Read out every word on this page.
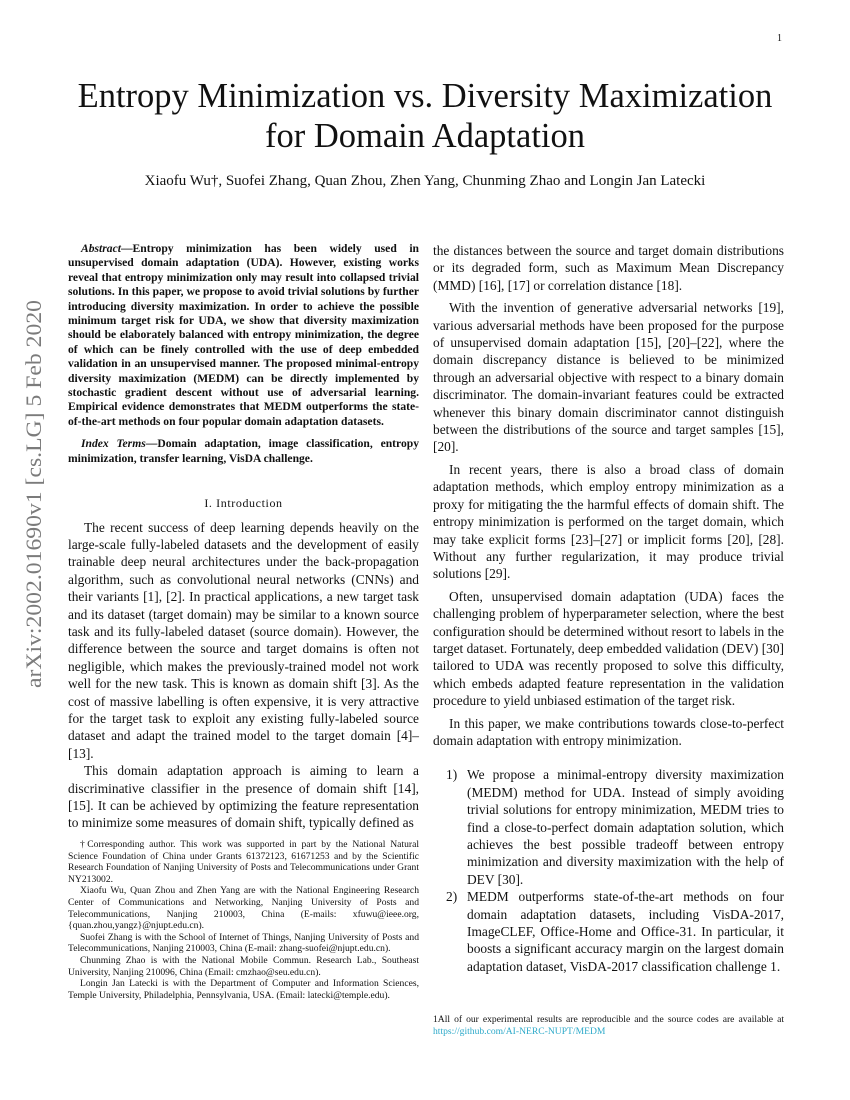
1
arXiv:2002.01690v1 [cs.LG] 5 Feb 2020
Entropy Minimization vs. Diversity Maximization
for Domain Adaptation
Xiaofu Wu†, Suofei Zhang, Quan Zhou, Zhen Yang, Chunming Zhao and Longin Jan Latecki

Abstract—Entropy minimization has been widely used in unsupervised domain adaptation (UDA). However, existing works reveal that entropy minimization only may result into collapsed trivial solutions. In this paper, we propose to avoid trivial solutions by further introducing diversity maximization. In order to achieve the possible minimum target risk for UDA, we show that diversity maximization should be elaborately balanced with entropy minimization, the degree of which can be finely controlled with the use of deep embedded validation in an unsupervised manner. The proposed minimal-entropy diversity maximization (MEDM) can be directly implemented by stochastic gradient descent without use of adversarial learning. Empirical evidence demonstrates that MEDM outperforms the state-of-the-art methods on four popular domain adaptation datasets.

Index Terms—Domain adaptation, image classification, entropy minimization, transfer learning, VisDA challenge.

I. Introduction

The recent success of deep learning depends heavily on the large-scale fully-labeled datasets and the development of easily trainable deep neural architectures under the back-propagation algorithm, such as convolutional neural networks (CNNs) and their variants [1], [2]. In practical applications, a new target task and its dataset (target domain) may be similar to a known source task and its fully-labeled dataset (source domain). However, the difference between the source and target domains is often not negligible, which makes the previously-trained model not work well for the new task. This is known as domain shift [3]. As the cost of massive labelling is often expensive, it is very attractive for the target task to exploit any existing fully-labeled source dataset and adapt the trained model to the target domain [4]–[13].

This domain adaptation approach is aiming to learn a discriminative classifier in the presence of domain shift [14], [15]. It can be achieved by optimizing the feature representation to minimize some measures of domain shift, typically defined as

†Corresponding author. This work was supported in part by the National Natural Science Foundation of China under Grants 61372123, 61671253 and by the Scientific Research Foundation of Nanjing University of Posts and Telecommunications under Grant NY213002.

Xiaofu Wu, Quan Zhou and Zhen Yang are with the National Engineering Research Center of Communications and Networking, Nanjing University of Posts and Telecommunications, Nanjing 210003, China (E-mails: xfuwu@ieee.org, {quan.zhou,yangz}@njupt.edu.cn).

Suofei Zhang is with the School of Internet of Things, Nanjing University of Posts and Telecommunications, Nanjing 210003, China (E-mail: zhang-suofei@njupt.edu.cn).

Chunming Zhao is with the National Mobile Commun. Research Lab., Southeast University, Nanjing 210096, China (Email: cmzhao@seu.edu.cn).

Longin Jan Latecki is with the Department of Computer and Information Sciences, Temple University, Philadelphia, Pennsylvania, USA. (Email: latecki@temple.edu).

the distances between the source and target domain distributions or its degraded form, such as Maximum Mean Discrepancy (MMD) [16], [17] or correlation distance [18].

With the invention of generative adversarial networks [19], various adversarial methods have been proposed for the purpose of unsupervised domain adaptation [15], [20]–[22], where the domain discrepancy distance is believed to be minimized through an adversarial objective with respect to a binary domain discriminator. The domain-invariant features could be extracted whenever this binary domain discriminator cannot distinguish between the distributions of the source and target samples [15], [20].

In recent years, there is also a broad class of domain adaptation methods, which employ entropy minimization as a proxy for mitigating the the harmful effects of domain shift. The entropy minimization is performed on the target domain, which may take explicit forms [23]–[27] or implicit forms [20], [28]. Without any further regularization, it may produce trivial solutions [29].

Often, unsupervised domain adaptation (UDA) faces the challenging problem of hyperparameter selection, where the best configuration should be determined without resort to labels in the target dataset. Fortunately, deep embedded validation (DEV) [30] tailored to UDA was recently proposed to solve this difficulty, which embeds adapted feature representation in the validation procedure to yield unbiased estimation of the target risk.

In this paper, we make contributions towards close-to-perfect domain adaptation with entropy minimization.

1) We propose a minimal-entropy diversity maximization (MEDM) method for UDA. Instead of simply avoiding trivial solutions for entropy minimization, MEDM tries to find a close-to-perfect domain adaptation solution, which achieves the best possible tradeoff between entropy minimization and diversity maximization with the help of DEV [30].
2) MEDM outperforms state-of-the-art methods on four domain adaptation datasets, including VisDA-2017, ImageCLEF, Office-Home and Office-31. In particular, it boosts a significant accuracy margin on the largest domain adaptation dataset, VisDA-2017 classification challenge 1.
1All of our experimental results are reproducible and the source codes are available at https://github.com/AI-NERC-NUPT/MEDM
